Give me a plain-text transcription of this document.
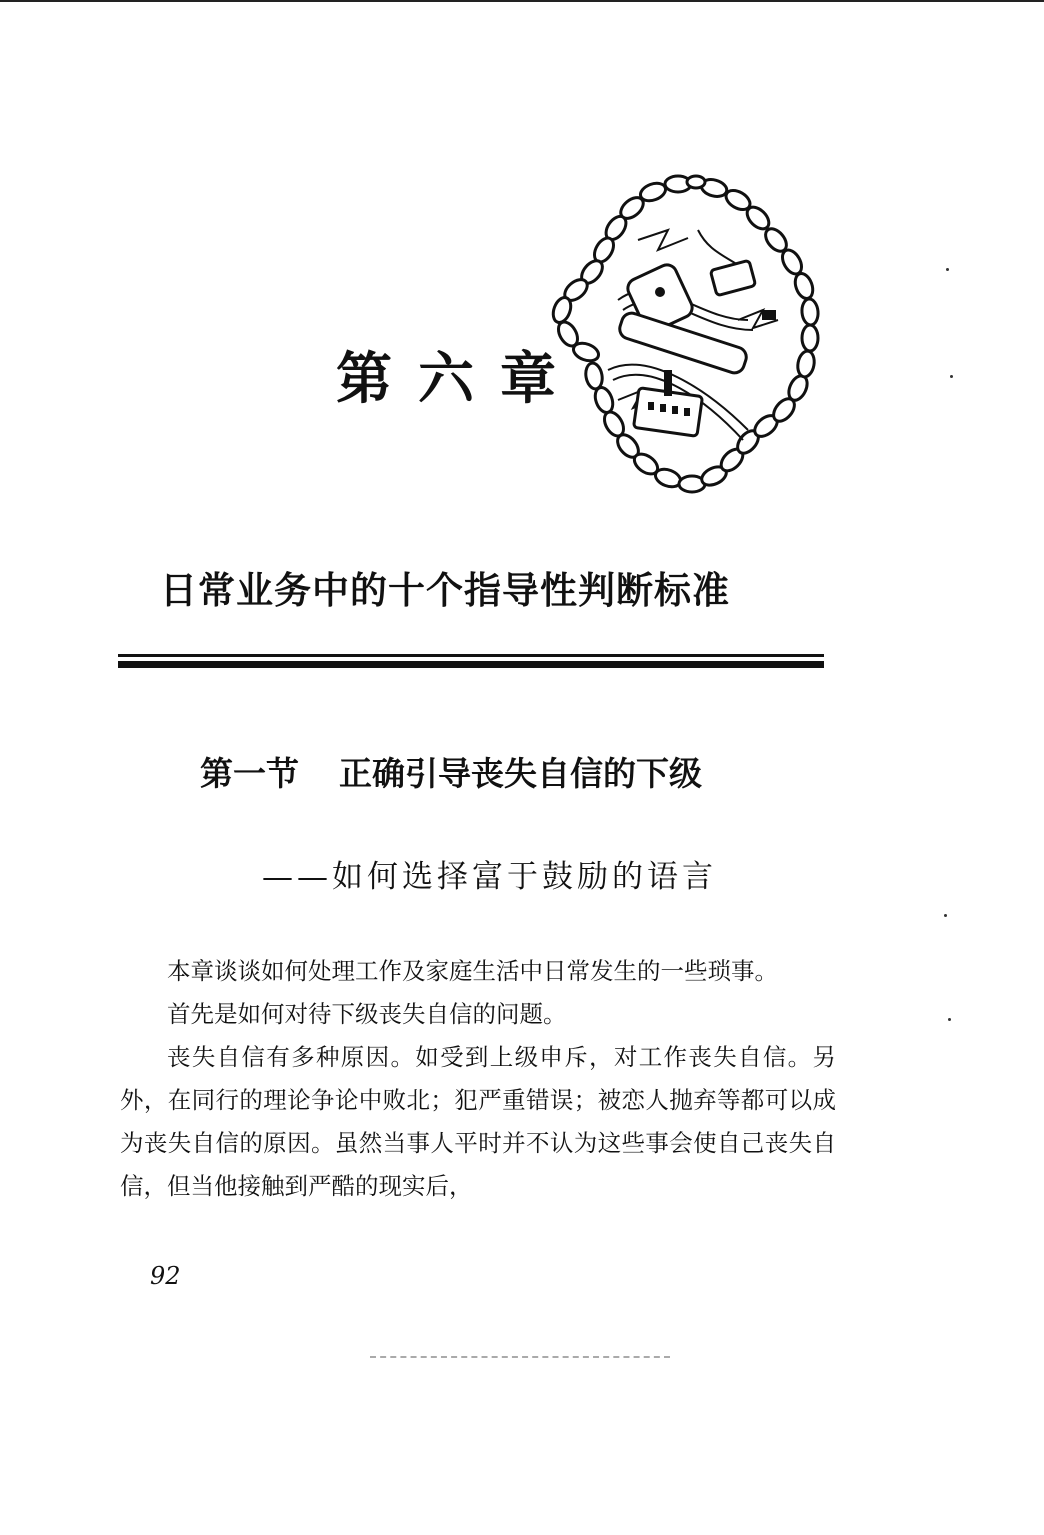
第六章
日常业务中的十个指导性判断标准
第一节 正确引导丧失自信的下级
——如何选择富于鼓励的语言

本章谈谈如何处理工作及家庭生活中日常发生的一些琐事。

首先是如何对待下级丧失自信的问题。

丧失自信有多种原因。如受到上级申斥，对工作丧失自信。另外，在同行的理论争论中败北；犯严重错误；被恋人抛弃等都可以成为丧失自信的原因。虽然当事人平时并不认为这些事会使自己丧失自信，但当他接触到严酷的现实后，

92
